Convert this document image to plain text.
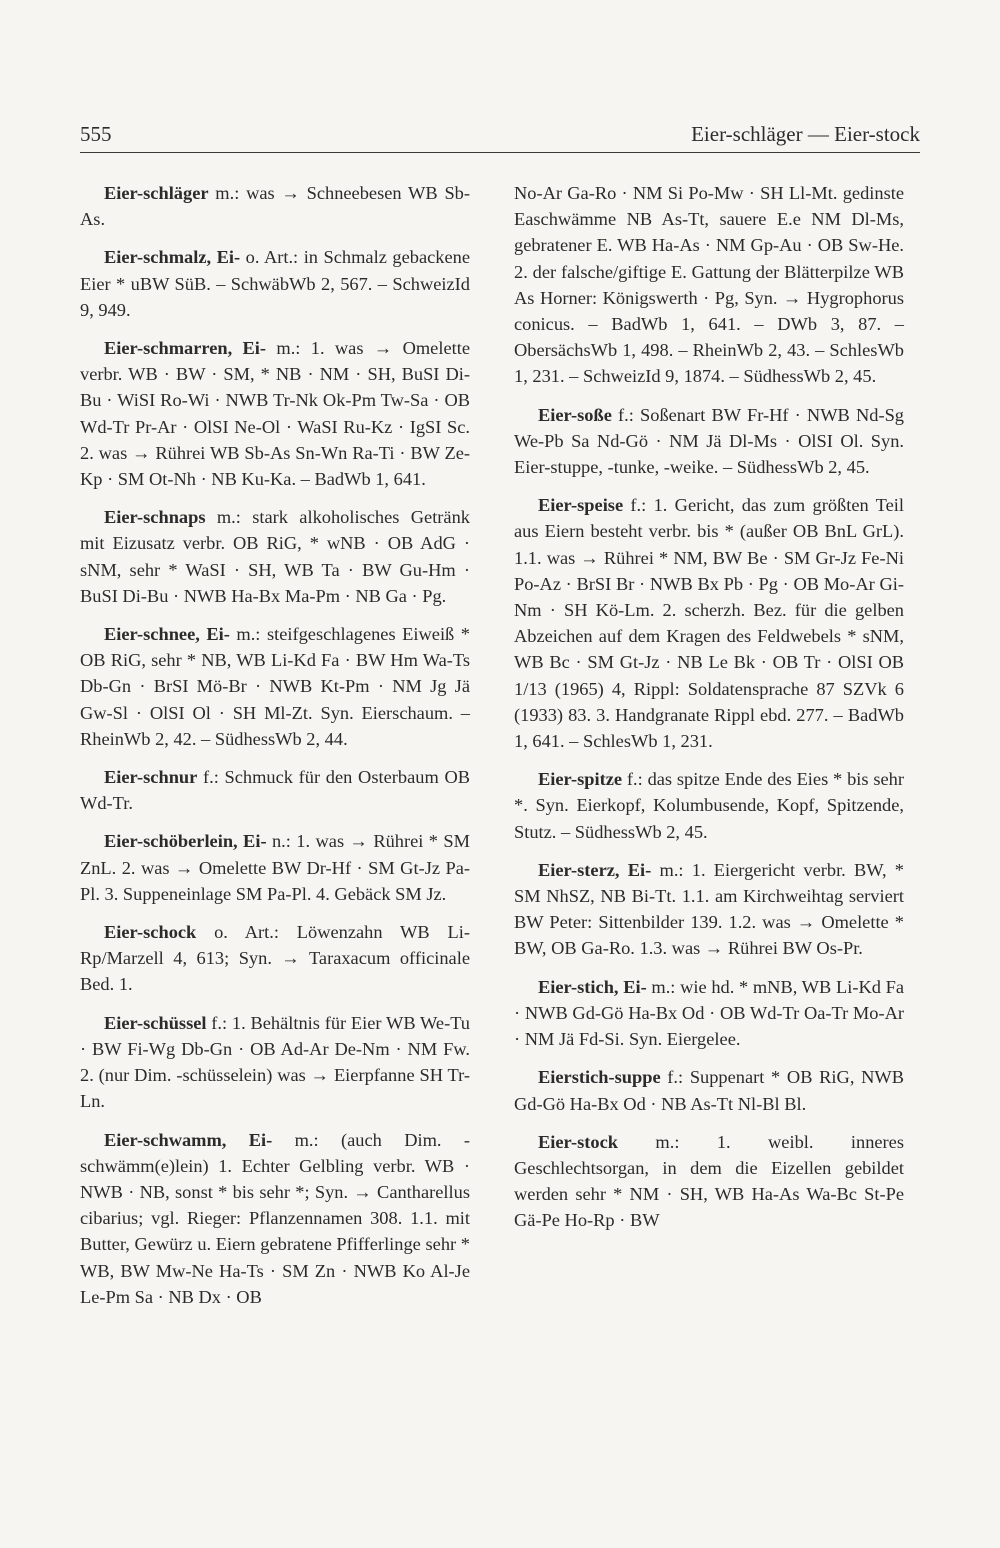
555	Eier-schläger — Eier-stock

Eier-schläger m.: was → Schneebesen WB Sb-As.

Eier-schmalz, Ei- o. Art.: in Schmalz gebackene Eier * uBW SüB. – SchwäbWb 2, 567. – SchweizId 9, 949.

Eier-schmarren, Ei- m.: 1. was → Omelette verbr. WB · BW · SM, * NB · NM · SH, BuSI Di-Bu · WiSI Ro-Wi · NWB Tr-Nk Ok-Pm Tw-Sa · OB Wd-Tr Pr-Ar · OlSI Ne-Ol · WaSI Ru-Kz · IgSI Sc. 2. was → Rührei WB Sb-As Sn-Wn Ra-Ti · BW Ze-Kp · SM Ot-Nh · NB Ku-Ka. – BadWb 1, 641.

Eier-schnaps m.: stark alkoholisches Getränk mit Eizusatz verbr. OB RiG, * wNB · OB AdG · sNM, sehr * WaSI · SH, WB Ta · BW Gu-Hm · BuSI Di-Bu · NWB Ha-Bx Ma-Pm · NB Ga · Pg.

Eier-schnee, Ei- m.: steifgeschlagenes Eiweiß * OB RiG, sehr * NB, WB Li-Kd Fa · BW Hm Wa-Ts Db-Gn · BrSI Mö-Br · NWB Kt-Pm · NM Jg Jä Gw-Sl · OlSI Ol · SH Ml-Zt. Syn. Eierschaum. – RheinWb 2, 42. – SüdhessWb 2, 44.

Eier-schnur f.: Schmuck für den Osterbaum OB Wd-Tr.

Eier-schöberlein, Ei- n.: 1. was → Rührei * SM ZnL. 2. was → Omelette BW Dr-Hf · SM Gt-Jz Pa-Pl. 3. Suppeneinlage SM Pa-Pl. 4. Gebäck SM Jz.

Eier-schock o. Art.: Löwenzahn WB Li-Rp/Marzell 4, 613; Syn. → Taraxacum officinale Bed. 1.

Eier-schüssel f.: 1. Behältnis für Eier WB We-Tu · BW Fi-Wg Db-Gn · OB Ad-Ar De-Nm · NM Fw. 2. (nur Dim. -schüsselein) was → Eierpfanne SH Tr-Ln.

Eier-schwamm, Ei- m.: (auch Dim. -schwämm(e)lein) 1. Echter Gelbling verbr. WB · NWB · NB, sonst * bis sehr *; Syn. → Cantharellus cibarius; vgl. Rieger: Pflanzennamen 308. 1.1. mit Butter, Gewürz u. Eiern gebratene Pfifferlinge sehr * WB, BW Mw-Ne Ha-Ts · SM Zn · NWB Ko Al-Je Le-Pm Sa · NB Dx · OB

No-Ar Ga-Ro · NM Si Po-Mw · SH Ll-Mt. gedinste Easchwämme NB As-Tt, sauere E.e NM Dl-Ms, gebratener E. WB Ha-As · NM Gp-Au · OB Sw-He. 2. der falsche/giftige E. Gattung der Blätterpilze WB As Horner: Königswerth · Pg, Syn. → Hygrophorus conicus. – BadWb 1, 641. – DWb 3, 87. – ObersächsWb 1, 498. – RheinWb 2, 43. – SchlesWb 1, 231. – SchweizId 9, 1874. – SüdhessWb 2, 45.

Eier-soße f.: Soßenart BW Fr-Hf · NWB Nd-Sg We-Pb Sa Nd-Gö · NM Jä Dl-Ms · OlSI Ol. Syn. Eier-stuppe, -tunke, -weike. – SüdhessWb 2, 45.

Eier-speise f.: 1. Gericht, das zum größten Teil aus Eiern besteht verbr. bis * (außer OB BnL GrL). 1.1. was → Rührei * NM, BW Be · SM Gr-Jz Fe-Ni Po-Az · BrSI Br · NWB Bx Pb · Pg · OB Mo-Ar Gi-Nm · SH Kö-Lm. 2. scherzh. Bez. für die gelben Abzeichen auf dem Kragen des Feldwebels * sNM, WB Bc · SM Gt-Jz · NB Le Bk · OB Tr · OlSI OB 1/13 (1965) 4, Rippl: Soldatensprache 87 SZVk 6 (1933) 83. 3. Handgranate Rippl ebd. 277. – BadWb 1, 641. – SchlesWb 1, 231.

Eier-spitze f.: das spitze Ende des Eies * bis sehr *. Syn. Eierkopf, Kolumbusende, Kopf, Spitzende, Stutz. – SüdhessWb 2, 45.

Eier-sterz, Ei- m.: 1. Eiergericht verbr. BW, * SM NhSZ, NB Bi-Tt. 1.1. am Kirchweihtag serviert BW Peter: Sittenbilder 139. 1.2. was → Omelette * BW, OB Ga-Ro. 1.3. was → Rührei BW Os-Pr.

Eier-stich, Ei- m.: wie hd. * mNB, WB Li-Kd Fa · NWB Gd-Gö Ha-Bx Od · OB Wd-Tr Oa-Tr Mo-Ar · NM Jä Fd-Si. Syn. Eiergelee.

Eierstich-suppe f.: Suppenart * OB RiG, NWB Gd-Gö Ha-Bx Od · NB As-Tt Nl-Bl Bl.

Eier-stock m.: 1. weibl. inneres Geschlechtsorgan, in dem die Eizellen gebildet werden sehr * NM · SH, WB Ha-As Wa-Bc St-Pe Gä-Pe Ho-Rp · BW
